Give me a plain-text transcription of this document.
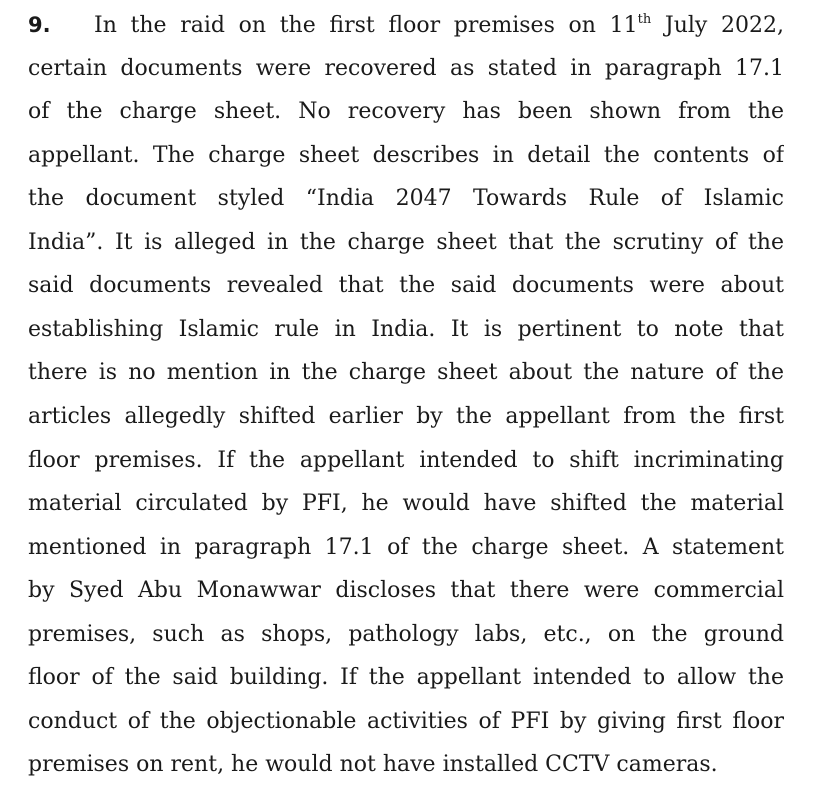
9. In the raid on the first floor premises on 11th July 2022,
certain documents were recovered as stated in paragraph 17.1
of the charge sheet. No recovery has been shown from the
appellant. The charge sheet describes in detail the contents of
the document styled “India 2047 Towards Rule of Islamic
India”. It is alleged in the charge sheet that the scrutiny of the
said documents revealed that the said documents were about
establishing Islamic rule in India. It is pertinent to note that
there is no mention in the charge sheet about the nature of the
articles allegedly shifted earlier by the appellant from the first
floor premises. If the appellant intended to shift incriminating
material circulated by PFI, he would have shifted the material
mentioned in paragraph 17.1 of the charge sheet. A statement
by Syed Abu Monawwar discloses that there were commercial
premises, such as shops, pathology labs, etc., on the ground
floor of the said building. If the appellant intended to allow the
conduct of the objectionable activities of PFI by giving first floor
premises on rent, he would not have installed CCTV cameras.
